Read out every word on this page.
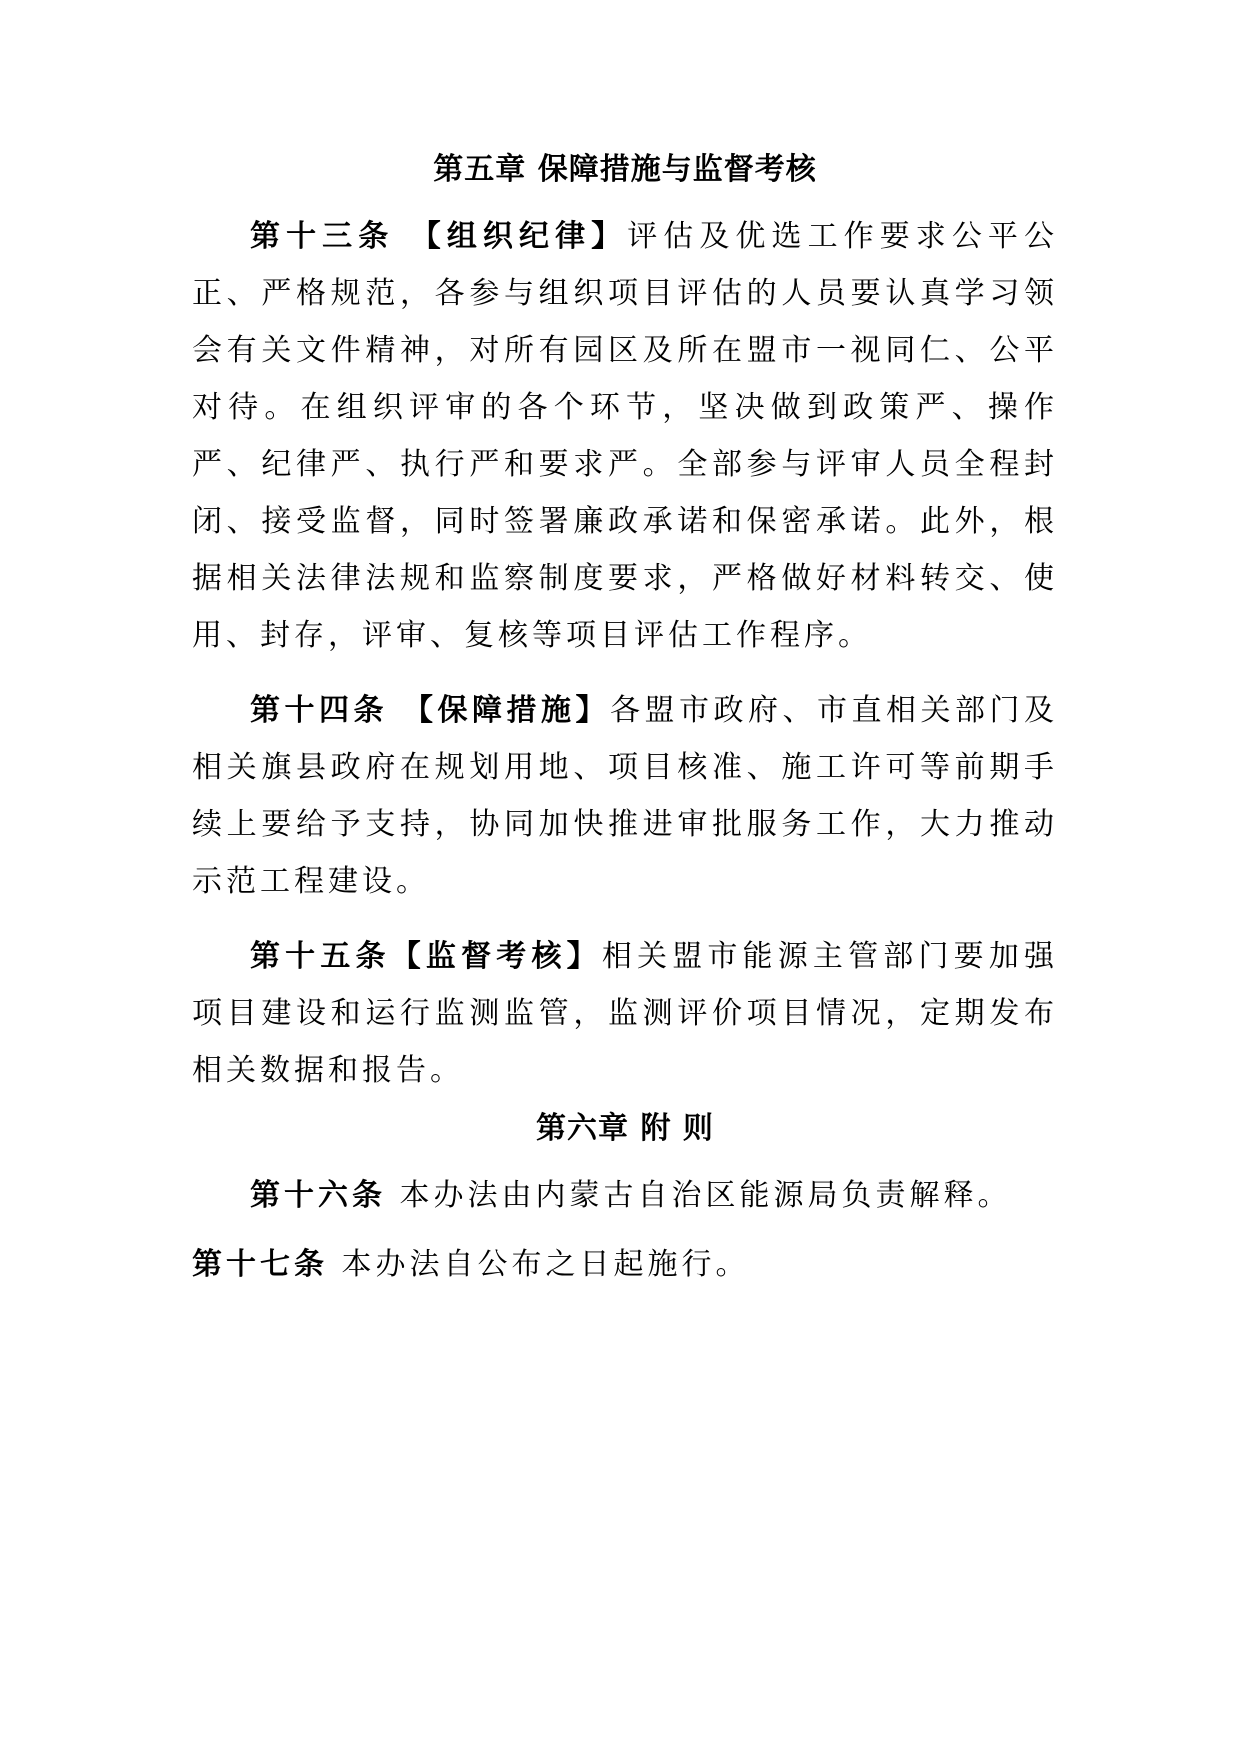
第五章 保障措施与监督考核

第十三条 【组织纪律】评估及优选工作要求公平公正、严格规范，各参与组织项目评估的人员要认真学习领会有关文件精神，对所有园区及所在盟市一视同仁、公平对待。在组织评审的各个环节，坚决做到政策严、操作严、纪律严、执行严和要求严。全部参与评审人员全程封闭、接受监督，同时签署廉政承诺和保密承诺。此外，根据相关法律法规和监察制度要求，严格做好材料转交、使用、封存，评审、复核等项目评估工作程序。

第十四条 【保障措施】各盟市政府、市直相关部门及相关旗县政府在规划用地、项目核准、施工许可等前期手续上要给予支持，协同加快推进审批服务工作，大力推动示范工程建设。

第十五条【监督考核】相关盟市能源主管部门要加强项目建设和运行监测监管，监测评价项目情况，定期发布相关数据和报告。

第六章 附 则

第十六条 本办法由内蒙古自治区能源局负责解释。

第十七条 本办法自公布之日起施行。
